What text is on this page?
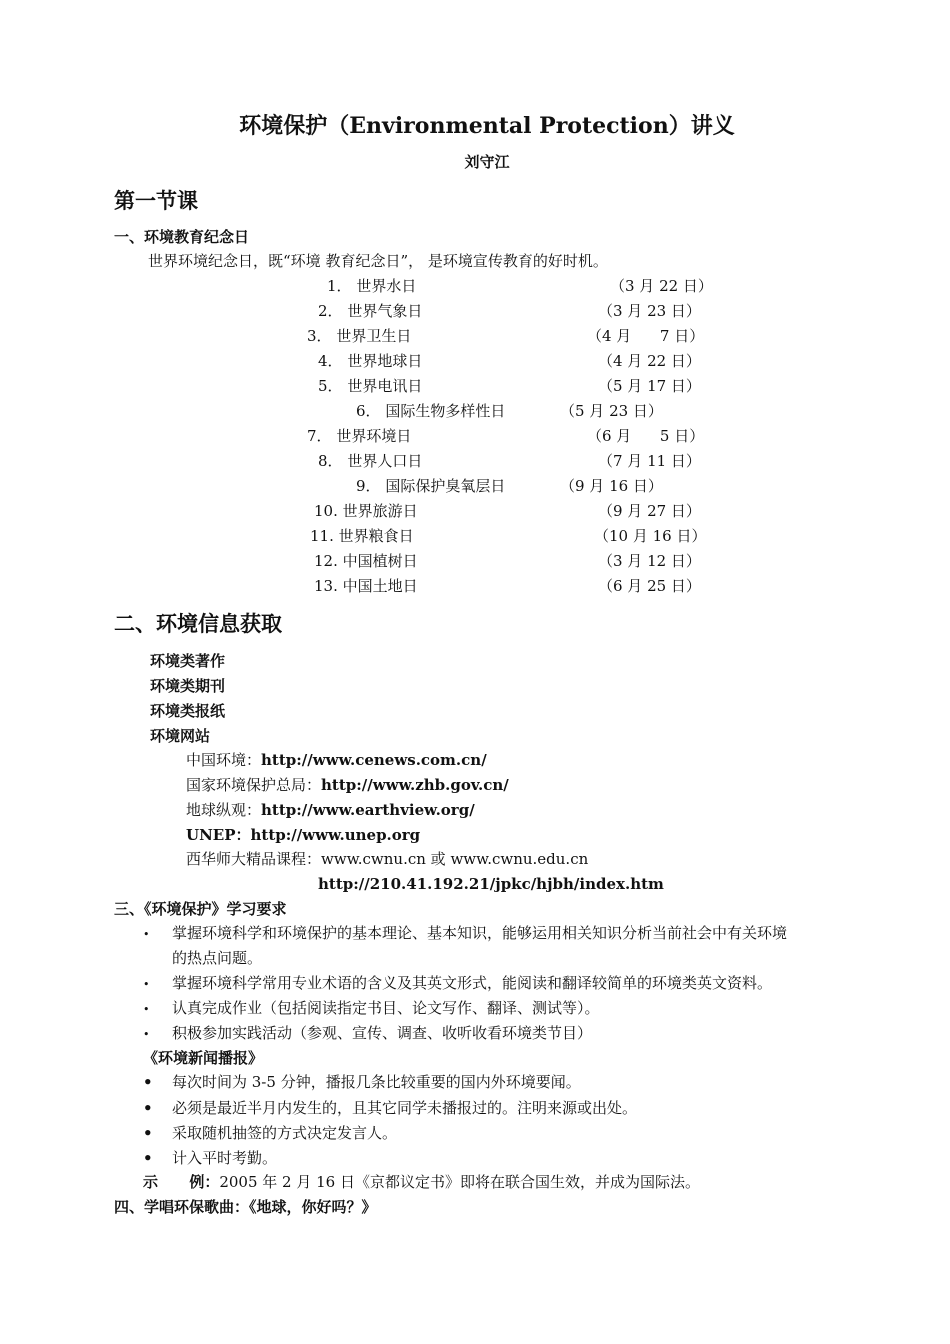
环境保护（Environmental Protection）讲义
刘守江
第一节课
一、环境教育纪念日
世界环境纪念日，既“环境 教育纪念日”， 是环境宣传教育的好时机。
1． 世界水日	（3 月 22 日）
2． 世界气象日	（3 月 23 日）
3． 世界卫生日	（4 月      7 日）
4． 世界地球日	（4 月 22 日）
5． 世界电讯日	（5 月 17 日）
6． 国际生物多样性日	（5 月 23 日）
7． 世界环境日	（6 月      5 日）
8． 世界人口日	（7 月 11 日）
9． 国际保护臭氧层日	（9 月 16 日）
10. 世界旅游日	（9 月 27 日）
11. 世界粮食日	（10 月 16 日）
12. 中国植树日	（3 月 12 日）
13. 中国土地日	（6 月 25 日）
二、环境信息获取
环境类著作
环境类期刊
环境类报纸
环境网站
中国环境：http://www.cenews.com.cn/
国家环境保护总局：http://www.zhb.gov.cn/
地球纵观：http://www.earthview.org/
UNEP：http://www.unep.org
西华师大精品课程：www.cwnu.cn 或 www.cwnu.edu.cn
http://210.41.192.21/jpkc/hjbh/index.htm
三、《环境保护》学习要求
• 掌握环境科学和环境保护的基本理论、基本知识，能够运用相关知识分析当前社会中有关环境
的热点问题。
• 掌握环境科学常用专业术语的含义及其英文形式，能阅读和翻译较简单的环境类英文资料。
• 认真完成作业（包括阅读指定书目、论文写作、翻译、测试等）。
• 积极参加实践活动（参观、宣传、调查、收听收看环境类节目）
《环境新闻播报》
• 每次时间为 3-5 分钟，播报几条比较重要的国内外环境要闻。
• 必须是最近半月内发生的，且其它同学未播报过的。注明来源或出处。
• 采取随机抽签的方式决定发言人。
• 计入平时考勤。
示      例：2005 年 2 月 16 日《京都议定书》即将在联合国生效，并成为国际法。
四、学唱环保歌曲：《地球，你好吗？》
